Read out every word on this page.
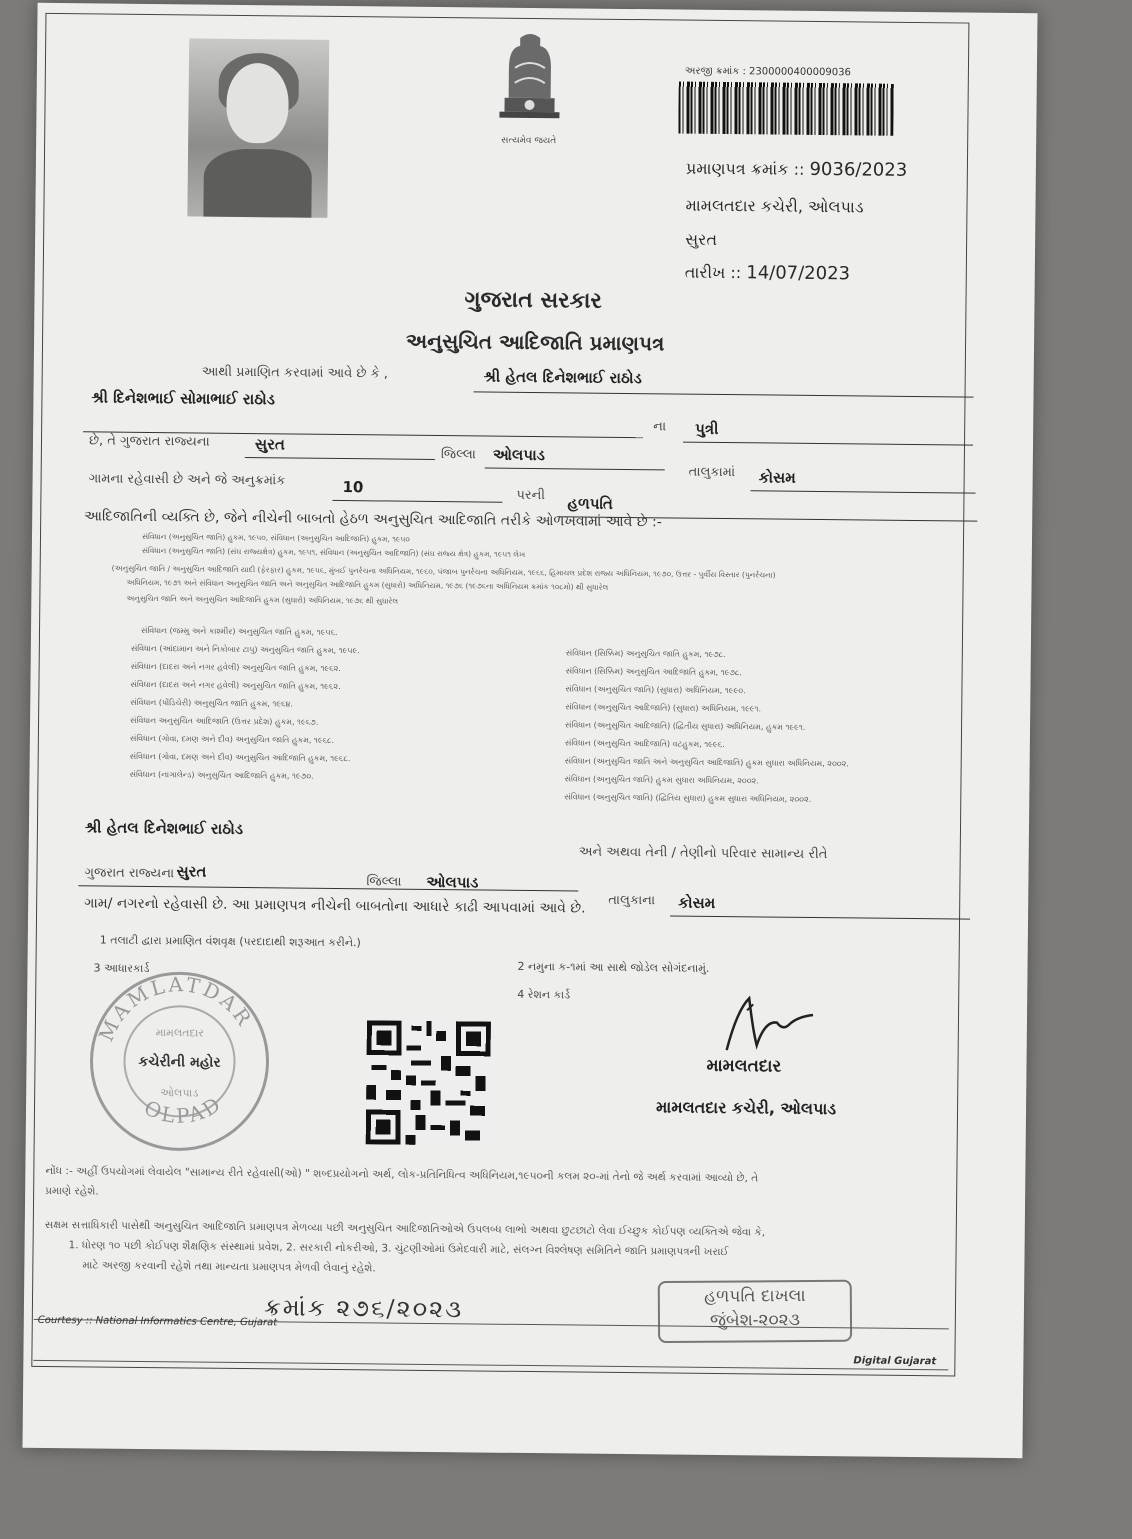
સત્યમેવ જયતે
અરજી ક્રમાંક : 2300000400009036
પ્રમાણપત્ર ક્રમાંક :: 9036/2023
મામલતદાર કચેરી, ઓલપાડ
સુરત
તારીખ :: 14/07/2023
ગુજરાત સરકાર
અનુસુચિત આદિજાતિ પ્રમાણપત્ર
આથી પ્રમાણિત કરવામાં આવે છે કે ,	શ્રી હેતલ દિનેશભાઈ રાઠોડ
શ્રી દિનેશભાઈ સોમાભાઈ રાઠોડ
ના પુત્રી
છે, તે ગુજરાત રાજ્યના	સુરત
જિલ્લા ઓલપાડ
તાલુકામાં કોસમ
ગામના રહેવાસી છે અને જે અનુક્રમાંક	10	પરની હળપતિ
આદિજાતિની વ્યક્તિ છે, જેને નીચેની બાબતો હેઠળ અનુસુચિત આદિજાતિ તરીકે ઓળખવામાં આવે છે :-
સંવિધાન (અનુસુચિત જાતિ) હુકમ, ૧૯૫૦, સંવિધાન (અનુસુચિત આદિજાતિ) હુકમ, ૧૯૫૦
સંવિધાન (અનુસુચિત જાતિ) (સંઘ રાજ્યક્ષેત્ર) હુકમ, ૧૯૫૧, સંવિધાન (અનુસુચિત આદિજાતિ) (સંઘ રાજ્ય ક્ષેત્ર) હુકમ, ૧૯૫૧ લેખ
(અનુસુચિત જાતિ / અનુસુચિત આદિજાતિ યાદી (ફેરફાર) હુકમ, ૧૯૫૬, મુંબઈ પુનર્રચના અધિનિયમ, ૧૯૬૦, પંજાબ પુનર્રચના અધિનિયમ, ૧૯૬૬, હિમાચલ પ્રદેશ રાજ્ય અધિનિયમ, ૧૯૭૦, ઉત્તર - પુર્વીય વિસ્તાર (પુનર્રચના)
અધિનિયમ, ૧૯૭૧ અને સંવિધાન અનુસુચિત જાતિ અને અનુસુચિત આદિજાતિ હુકમ (સુધારો) અધિનિયમ, ૧૯૭૬ (૧૯૭૬ના અધિનિયમ ક્રમાંક ૧૦૮મો) થી સુધારેલ
અનુસુચિત જાતિ અને અનુસુચિત આદિજાતિ હુકમ (સુધારો) અધિનિયમ, ૧૯૭૬ થી સુધારેલ
સંવિધાન (જમ્મુ અને કાશ્મીર) અનુસુચિત જાતિ હુકમ, ૧૯૫૬.
સંવિધાન (આંદામાન અને નિકોબાર ટાપુ) અનુસુચિત જાતિ હુકમ, ૧૯૫૯.
સંવિધાન (દાદરા અને નગર હવેલી) અનુસુચિત જાતિ હુકમ, ૧૯૬૨.
સંવિધાન (દાદરા અને નગર હવેલી) અનુસુચિત જાતિ હુકમ, ૧૯૬૨.
સંવિધાન (પોંડિચેરી) અનુસુચિત જાતિ હુકમ, ૧૯૬૪.
સંવિધાન અનુસુચિત આદિજાતિ (ઉત્તર પ્રદેશ) હુકમ, ૧૯૬૭.
સંવિધાન (ગોવા, દમણ અને દીવ) અનુસુચિત જાતિ હુકમ, ૧૯૬૮.
સંવિધાન (ગોવા, દમણ અને દીવ) અનુસુચિત આદિજાતિ હુકમ, ૧૯૬૮.
સંવિધાન (નાગાલેન્ડ) અનુસુચિત આદિજાતિ હુકમ, ૧૯૭૦.
સંવિધાન (સિક્કિમ) અનુસુચિત જાતિ હુકમ, ૧૯૭૮.
સંવિધાન (સિક્કિમ) અનુસુચિત આદિજાતિ હુકમ, ૧૯૭૮.
સંવિધાન (અનુસુચિત જાતિ) (સુધારા) અધિનિયમ, ૧૯૯૦.
સંવિધાન (અનુસુચિત આદિજાતિ) (સુધારા) અધિનિયમ, ૧૯૯૧.
સંવિધાન (અનુસુચિત આદિજાતિ) (દ્વિતીય સુધારા) અધિનિયમ, હુકમ ૧૯૯૧.
સંવિધાન (અનુસુચિત આદિજાતિ) વટહુકમ, ૧૯૯૬.
સંવિધાન (અનુસુચિત જાતિ અને અનુસુચિત આદિજાતિ) હુકમ સુધારા અધિનિયમ, ૨૦૦૨.
સંવિધાન (અનુસુચિત જાતિ) હુકમ સુધારા અધિનિયમ, ૨૦૦૨.
સંવિધાન (અનુસુચિત જાતિ) (દ્વિતિય સુધારા) હુકમ સુધારા અધિનિયમ, ૨૦૦૨.
શ્રી હેતલ દિનેશભાઈ રાઠોડ
અને અથવા તેની / તેણીનો પરિવાર સામાન્ય રીતે
ગુજરાત રાજ્યના સુરત
જિલ્લા ઓલપાડ
તાલુકાના કોસમ
ગામ/ નગરનો રહેવાસી છે. આ પ્રમાણપત્ર નીચેની બાબતોના આધારે કાઢી આપવામાં આવે છે.
1 તલાટી દ્વારા પ્રમાણિત વંશવૃક્ષ (પરદાદાથી શરૂઆત કરીને.)
2 નમુના ક-૧માં આ સાથે જોડેલ સોગંદનામું.
3 આધારકાર્ડ
4 રેશન કાર્ડ
MAMLATDAR
OLPAD
મામલતદાર
કચેરીની મહોર
ઓલપાડ
મામલતદાર
મામલતદાર કચેરી, ઓલપાડ
નોંધ :- અહીં ઉપયોગમાં લેવાયેલ "સામાન્ય રીતે રહેવાસી(ઓ) " શબ્દપ્રયોગનો અર્થ, લોક-પ્રતિનિધિત્વ અધિનિયમ,૧૯૫૦ની કલમ ૨૦-માં તેનો જે અર્થ કરવામાં આવ્યો છે, તે
પ્રમાણે રહેશે.
સક્ષમ સત્તાધિકારી પાસેથી અનુસુચિત આદિજાતિ પ્રમાણપત્ર મેળવ્યા પછી અનુસુચિત આદિજાતિઓએ ઉપલબ્ધ લાભો અથવા છુટછાટો લેવા ઈચ્છુક કોઈપણ વ્યક્તિએ જેવા કે,
1. ધોરણ ૧૦ પછી કોઈપણ શૈક્ષણિક સંસ્થામાં પ્રવેશ, 2. સરકારી નોકરીઓ, 3. ચુંટણીઓમાં ઉમેદવારી માટે, સંલગ્ન વિશ્લેષણ સમિતિને જાતિ પ્રમાણપત્રની ખરાઈ
માટે અરજી કરવાની રહેશે તથા માન્યતા પ્રમાણપત્ર મેળવી લેવાનું રહેશે.
ક્રમાંક ૨૭૬/૨૦૨૩	હળપતિ દાખલા
જુંબેશ-૨૦૨૩
Courtesy :: National Informatics Centre, Gujarat
Digital Gujarat
